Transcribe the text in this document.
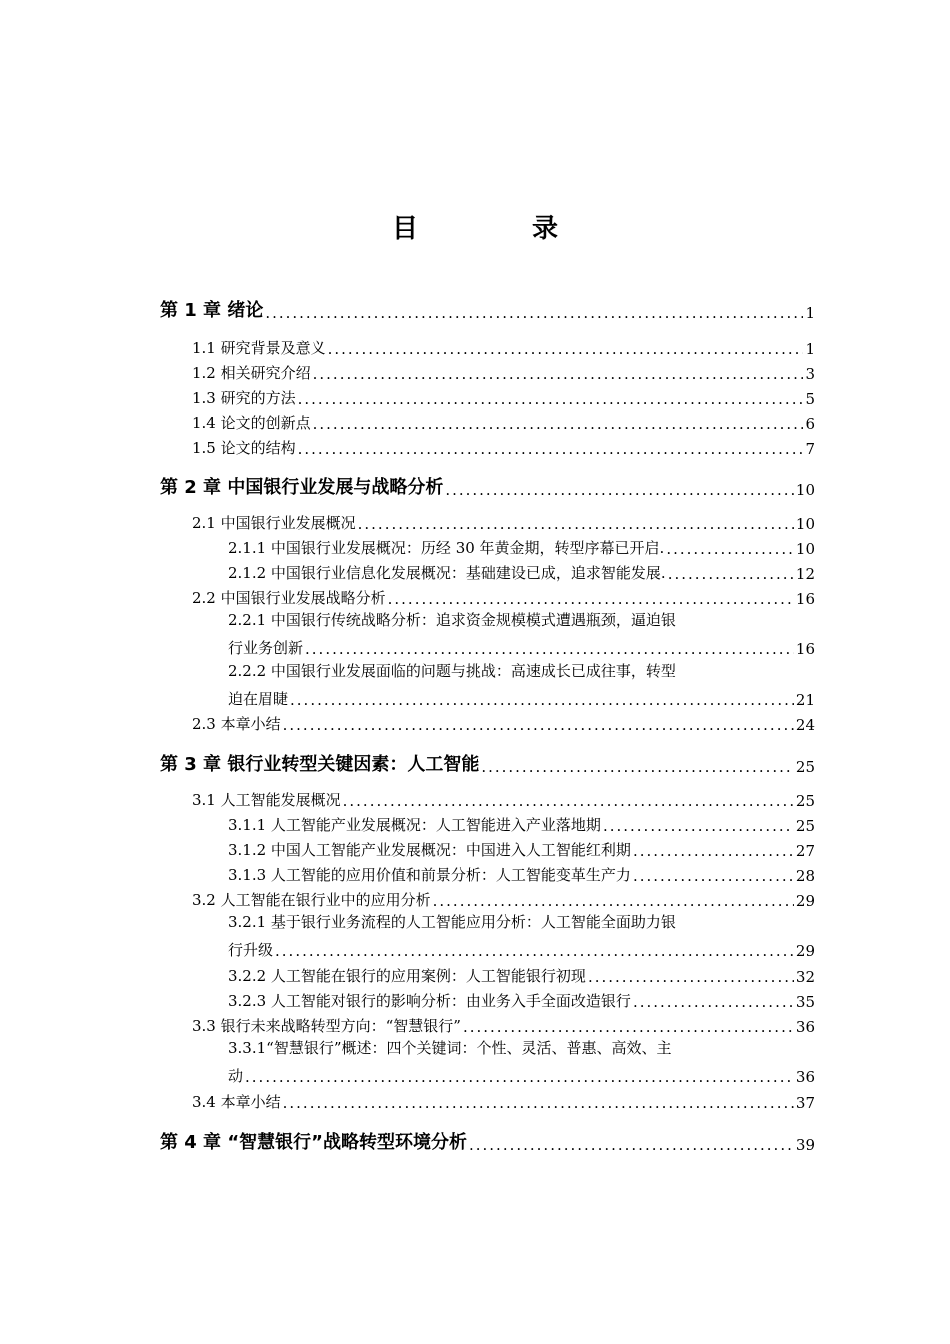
目　录
第 1 章 绪论 .....	1
1.1 研究背景及意义 .....	1
1.2 相关研究介绍 .....	3
1.3 研究的方法 .....	5
1.4 论文的创新点 .....	6
1.5 论文的结构 .....	7
第 2 章 中国银行业发展与战略分析 .....	10
2.1 中国银行业发展概况 .....	10
2.1.1 中国银行业发展概况：历经 30 年黄金期，转型序幕已开启. .....	10
2.1.2 中国银行业信息化发展概况：基础建设已成，追求智能发展. .....	12
2.2 中国银行业发展战略分析 .....	16
2.2.1 中国银行传统战略分析：追求资金规模模式遭遇瓶颈，逼迫银
行业务创新 .....	16
2.2.2 中国银行业发展面临的问题与挑战：高速成长已成往事，转型
迫在眉睫 .....	21
2.3 本章小结 .....	24
第 3 章 银行业转型关键因素：人工智能 .....	25
3.1 人工智能发展概况 .....	25
3.1.1 人工智能产业发展概况：人工智能进入产业落地期 .....	25
3.1.2 中国人工智能产业发展概况：中国进入人工智能红利期 .....	27
3.1.3 人工智能的应用价值和前景分析：人工智能变革生产力 .....	28
3.2 人工智能在银行业中的应用分析 .....	29
3.2.1 基于银行业务流程的人工智能应用分析：人工智能全面助力银
行升级 .....	29
3.2.2 人工智能在银行的应用案例：人工智能银行初现 .....	32
3.2.3 人工智能对银行的影响分析：由业务入手全面改造银行 .....	35
3.3 银行未来战略转型方向：“智慧银行” .....	36
3.3.1“智慧银行”概述：四个关键词：个性、灵活、普惠、高效、主
动 .....	36
3.4 本章小结 .....	37
第 4 章 “智慧银行”战略转型环境分析 .....	39
